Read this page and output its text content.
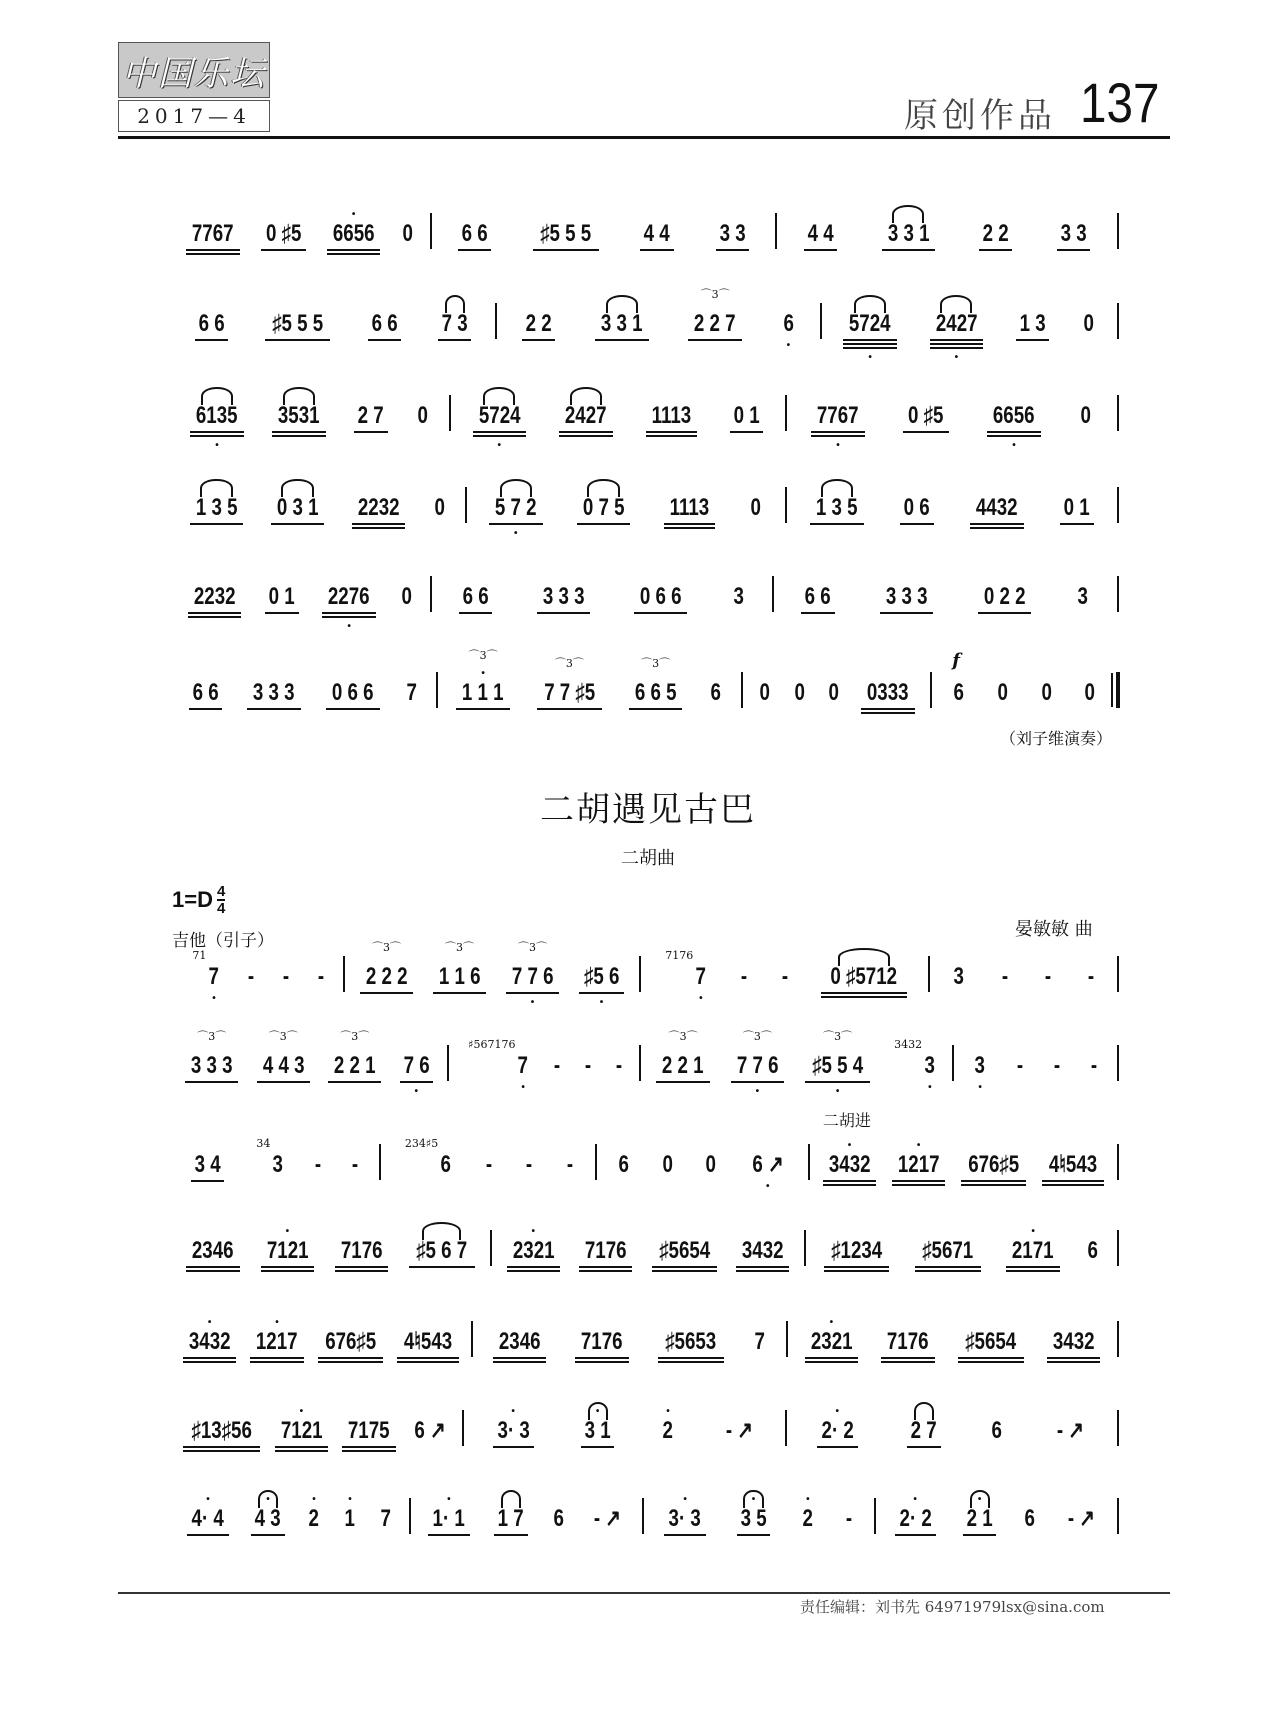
中国乐坛
2017—4	原创作品 137
7767 0 ♯5 6656
•
0 6 6 ♯5 5 5 4 4 3 3	4 4 3 3 1 2 2 3 3
6 6 ♯5 5 5 6 6 7 3 2 2 3 3 1 2 2 7
⌒3⌒
6
•
5724
•
2427
•
1 3 0
6135
•
3531 2 7 0 5724
•
2427 1113 0 1 7767
•
0 ♯5 6656
•
0
1 3 5 0 3 1 2232 0 5 7 2
•
0 7 5 1113 0 1 3 5 0 6 4432 0 1
2232 0 1 2276
•
0 6 6 3 3 3 0 6 6 3	6 6 3 3 3 0 2 2 3
6 6 3 3 3 0 6 6 7 1 1 1
•
⌒3⌒
7 7 ♯5
⌒3⌒
6 6 5
⌒3⌒
6 0 0 0 0333 6
f
0 0 0
（刘子维演奏）
二胡遇见古巴
二胡曲
$1=D \frac{4}{4}$
晏敏敏 曲
吉他（引子）
7
•
71
- - - 2 2 2
⌒3⌒
1 1 6
⌒3⌒
7 7 6
•
⌒3⌒
♯5 6
•
7
•
7176
- - 0 ♯5712 3 - - -
3 3 3
⌒3⌒
4 4 3
⌒3⌒
2 2 1
⌒3⌒
7 6
•
7
•
♯567176
- - - 2 2 1
⌒3⌒
7 7 6
•
⌒3⌒
♯5 5 4
•
⌒3⌒
3
•
3432
3
•
- - -
3 4 3
34
- -	6
234♯5
- - - 6 0 0 6 ↗
•
3432
•
二胡进
1217
•
676♯5 4♮543
2346 7121
•
7176 ♯5 6 7 2321
•
7176 ♯5654 3432 ♯1234 ♯5671 2171
•
6
3432
•
1217
•
676♯5 4♮543 2346 7176 ♯5653 7 2321
•
7176 ♯5654 3432
♯13♯56 7121
•
7175 6 ↗ 3· 3
•
3 1
•
2
•
- ↗	2· 2
•
2 7 6 - ↗
4· 4
•
4 3
•
2
•
1
•
7 1· 1
•
1 7 6 - ↗ 3· 3
•
3 5
•
2
•
- 2· 2
•
2 1
•
6 - ↗
责任编辑：刘书先 64971979lsx@sina.com
